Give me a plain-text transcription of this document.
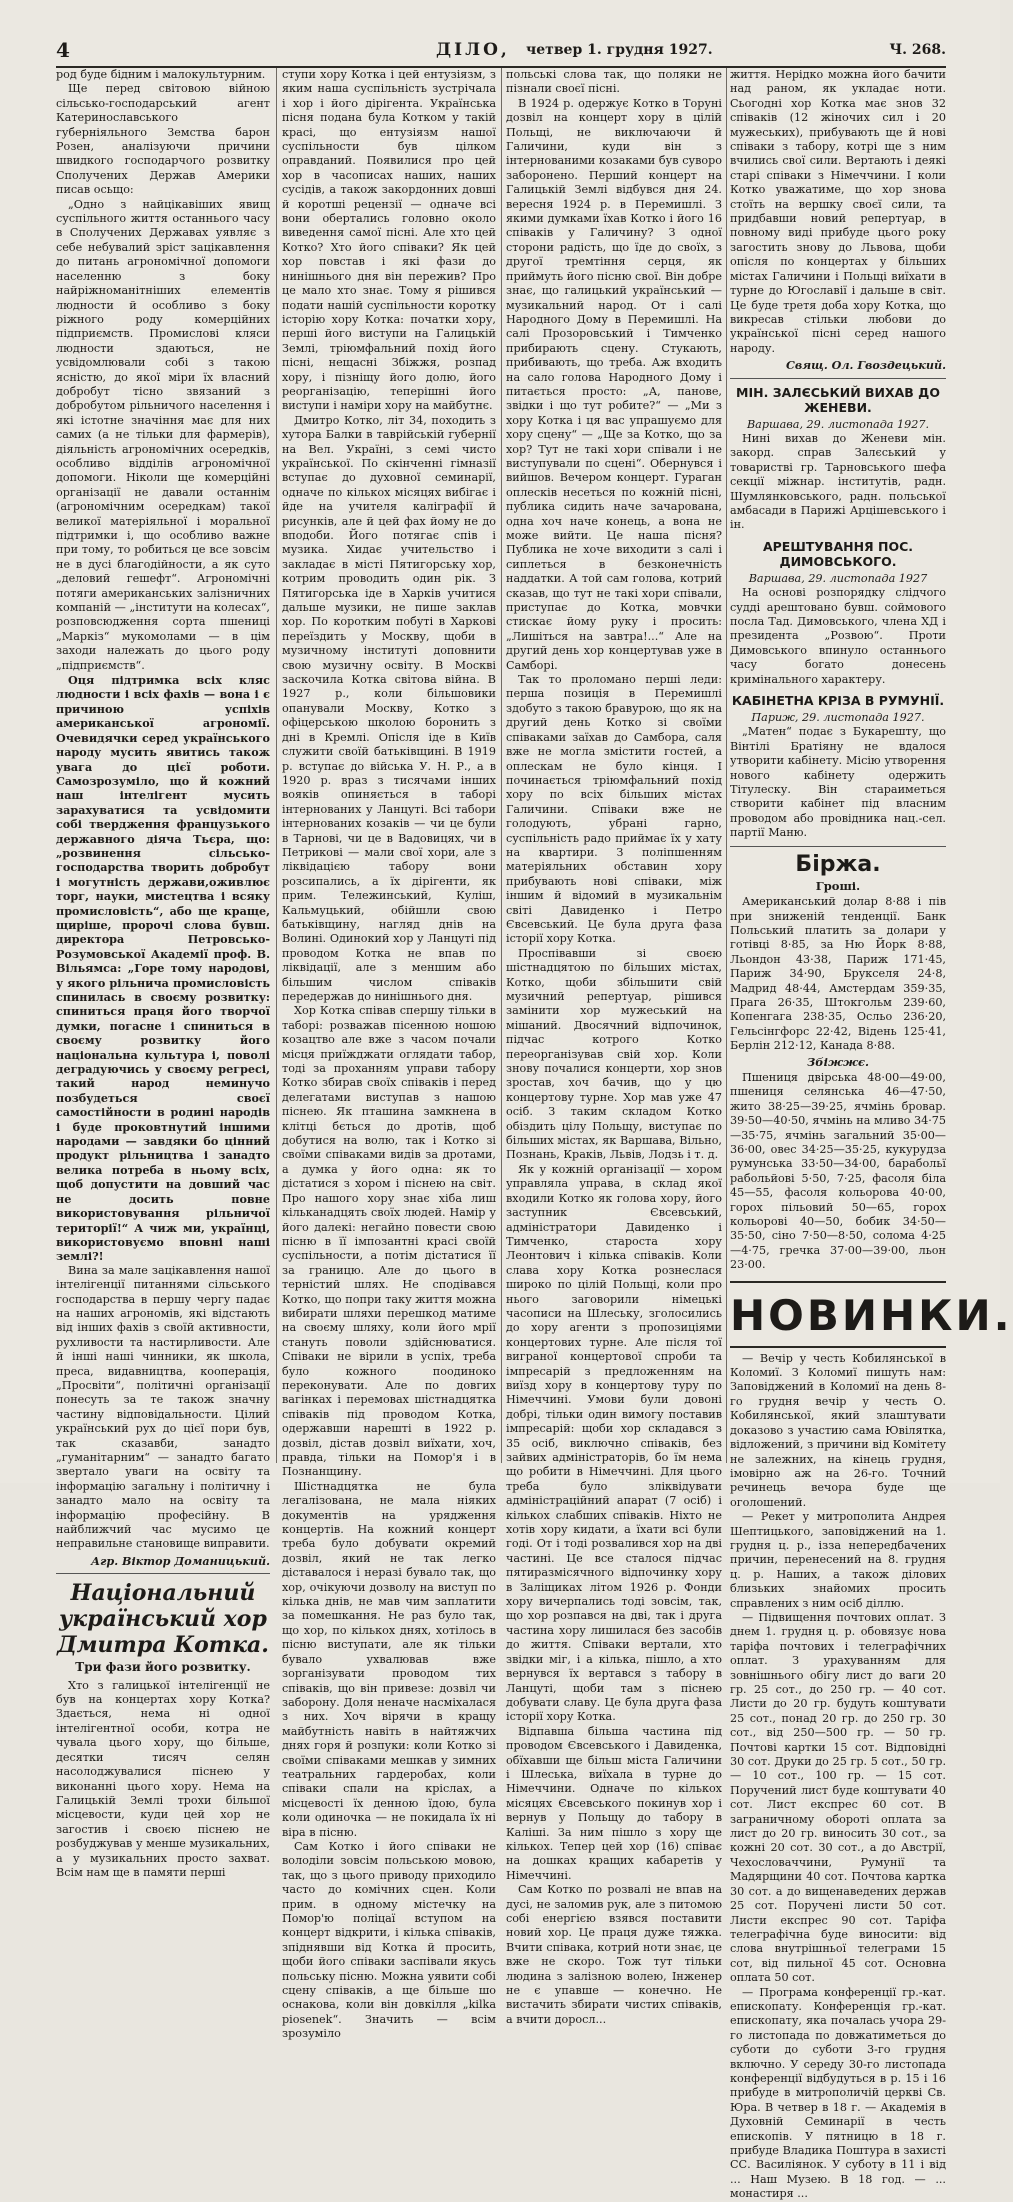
4	ДІЛО, четвер 1. грудня 1927.	Ч. 268.

род буде бідним і малокультурним.

Ще перед світовою війною сільсько-господарський агент Катеринославського губерніяльного Земства барон Розен, аналізуючи причини швидкого господарчого розвитку Сполучених Держав Америки писав осьщо:

„Одно з найцікавіших явищ суспільного життя останнього часу в Сполучених Державах уявляє з себе небувалий зріст зацікавлення до питань агрономічної допомоги населенню з боку найріжноманітніших елементів людности й особливо з боку ріжного роду комерційних підприємств. Промислові кляси людности здаються, не усвідомлювали собі з такою ясністю, до якої міри їх власний добробут тісно звязаний з добробутом рільничого населення і які істотне значіння має для них самих (а не тільки для фармерів), діяльність агрономічних осередків, особливо відділів агрономічної допомоги. Ніколи ще комерційні організації не давали останнім (агрономічним осередкам) такої великої матеріяльної і моральної підтримки і, що особливо важне при тому, то робиться це все зовсім не в дусі благодійности, а як суто „деловий гешефт“. Агрономічні потяги американських залізничних компаній — „інститути на колесах“, розповсюдження сорта пшениці „Маркіз“ мукомолами — в цім заходи належать до цього роду „підприємств“.

Оця підтримка всіх кляс людности і всіх фахів — вона і є причиною успіхів американської агрономії. Очевидячки серед українського народу мусить явитись також увага до цієї роботи. Самозрозуміло, що й кожний наш інтелігент мусить зарахуватися та усвідомити собі твердження французького державного діяча Тьєра, що: „розвинення сільсько-господарства творить добробут і могутність держави,оживлює торг, науки, мистецтва і всяку промисловість“, або ще краще, щиріше, пророчі слова бувш. директора Петровсько-Розумовської Академії проф. В. Вільямса: „Горе тому народові, у якого рільнича промисловість спинилась в своєму розвитку: спиниться праця його творчої думки, погасне і спиниться в своєму розвитку його національна культура і, поволі деградуючись у своєму регресі, такий народ неминучо позбудеться своєї самостійности в родині народів і буде проковтнутий іншими народами — завдяки бо цінний продукт рільництва і занадто велика потреба в ньому всіх, щоб допустити на довший час не досить повне використовування рільничої території!“ А чиж ми, українці, використовуємо вповні наші землі?!

Вина за мале зацікавлення нашої інтелігенції питаннями сільського господарства в першу чергу падає на наших агрономів, які відстають від інших фахів з своїй активности, рухливости та настирливости. Але й інші наші чинники, як школа, преса, видавництва, кооперація, „Просвіти“, політичні організації понесуть за те також значну частину відповідальности. Цілий український рух до цієї пори був, так сказавби, занадто „гуманітарним“ — занадто багато звертало уваги на освіту та інформацію загальну і політичну і занадто мало на освіту та інформацію професійну. В найближчий час мусимо це неправильне становище виправити.

Агр. Віктор Доманицький.

Національний український хор Дмитра Котка.

Три фази його розвитку.

Хто з галицької інтелігенції не був на концертах хору Котка? Здається, нема ні одної інтелігентної особи, котра не чувала цього хору, що більше, десятки тисяч селян насолоджувалися піснею у виконанні цього хору. Нема на Галицькій Землі трохи більшої місцевости, куди цей хор не загостив і своєю піснею не розбуджував у менше музикальних, а у музикальних просто захват. Всім нам ще в памяти перші

ступи хору Котка і цей ентузіязм, з яким наша суспільність зустрічала і хор і його дірігента. Українська пісня подана була Котком у такій красі, що ентузіязм нашої суспільности був цілком оправданий. Появилися про цей хор в часописах наших, наших сусідів, а також закордонних довші й коротші рецензії — одначе всі вони обертались головно около виведення самої пісні. Але хто цей Котко? Хто його співаки? Як цей хор повстав і які фази до нинішнього дня він пережив? Про це мало хто знає. Тому я рішився подати нашій суспільности коротку історію хору Котка: початки хору, перші його виступи на Галицькій Землі, тріюмфальний похід його пісні, нещасні Збіжжя, розпад хору, і пізніщу його долю, його реорганізацію, теперішні його виступи і наміри хору на майбутнє.

Дмитро Котко, літ 34, походить з хутора Балки в таврійській губернії на Вел. Україні, з семі чисто української. По скінченні гімназії вступає до духовної семинарії, одначе по кількох місяцях вибігає і йде на учителя каліграфії й рисунків, але й цей фах йому не до вподоби. Його потягає спів і музика. Хидає учительство і закладає в місті Пятигорську хор, котрим проводить один рік. З Пятигорська іде в Харків учитися дальше музики, не пише заклав хор. По коротким побуті в Харкові переїздить у Москву, щоби в музичному інституті доповнити свою музичну освіту. В Москві заскочила Котка світова війна. В 1927 р., коли більшовики опанували Москву, Котко з офіцерською школою боронить з дні в Кремлі. Опісля іде в Київ служити своїй батьківщині. В 1919 р. вступає до війська У. Н. Р., а в 1920 р. враз з тисячами інших вояків опиняється в таборі інтернованих у Ланцуті. Всі табори інтернованих козаків — чи це були в Тарнові, чи це в Вадовицях, чи в Петрикові — мали свої хори, але з ліквідацією табору вони розсипались, а їх дірігенти, як прим. Тележинський, Куліш, Кальмуцький, обійшли свою батьківщину, нагляд днів на Волині. Одинокий хор у Ланцуті під проводом Котка не впав по ліквідації, але з меншим або більшим числом співаків передержав до нинішнього дня.

Хор Котка співав спершу тільки в таборі: розважав пісенною ношою козацтво але вже з часом почали місця приїжджати оглядати табор, тоді за проханням управи табору Котко збирав своїх співаків і перед делегатами виступав з нашою піснею. Як пташина замкнена в клітці бється до дротів, щоб добутися на волю, так і Котко зі своїми співаками видів за дротами, а думка у його одна: як то дістатися з хором і піснею на світ. Про нашого хору знає хіба лиш кільканадцять своїх людей. Намір у його далекі: негайно повести свою пісню в її імпозантні красі своїй суспільности, а потім дістатися її за границю. Але до цього в терністий шлях. Не сподівався Котко, що попри таку життя можна вибирати шляхи перешкод матиме на своєму шляху, коли його мрії стануть поволи здійснюватися. Співаки не вірили в успіх, треба було кожного поодиноко переконувати. Але по довгих вагінках і перемовах шістнадцятка співаків під проводом Котка, одержавши нарешті в 1922 р. дозвіл, дістав дозвіл виїхати, хоч, правда, тільки на Помор'я і в Познанщину.

Шістнадцятка не була легалізована, не мала ніяких документів на урядження концертів. На кожний концерт треба було добувати окремий дозвіл, який не так легко діставалося і неразі бувало так, що хор, очікуючи дозволу на виступ по кілька днів, не мав чим заплатити за помешкання. Не раз було так, що хор, по кількох днях, хотілось в пісню виступати, але як тільки бувало ухвалював вже зорганізувати проводом тих співаків, що він привезе: дозвіл чи заборону. Доля неначе насміхалася з них. Хоч вірячи в кращу майбутність навіть в найтяжчих днях горя й розпуки: коли Котко зі своїми співаками мешкав у зимних театральних гардеробах, коли співаки спали на кріслах, а місцевості їх денною їдою, була коли одиночка — не покидала їх ні віра в пісню.

Сам Котко і його співаки не володіли зовсім польською мовою, так, що з цього приводу приходило часто до комічних сцен. Коли прим. в одному містечку на Помор'ю поліцаї вступом на концерт відкрити, і кілька співаків, зпіднявши від Котка й просить, щоби його співаки заспівали якусь польську пісню. Можна уявити собі сцену співаків, а ще більше шо оснакова, коли він довкілля „kilka piosenek“. Значить — всім зрозуміло

польські слова так, що поляки не пізнали своєї пісні.

В 1924 р. одержує Котко в Торуні дозвіл на концерт хору в цілій Польщі, не виключаючи й Галичини, куди він з інтернованими козаками був суворо заборонено. Перший концерт на Галицькій Землі відбувся дня 24. вересня 1924 р. в Перемишлі. З якими думками їхав Котко і його 16 співаків у Галичину? З одної сторони радість, що їде до своїх, з другої тремтіння серця, як приймуть його пісню свої. Він добре знає, що галицький український — музикальний народ. От і салі Народного Дому в Перемишлі. На салі Прозоровський і Тимченко прибирають сцену. Стукають, прибивають, що треба. Аж входить на сало голова Народного Дому і питається просто: „А, панове, звідки і що тут робите?“ — „Ми з хору Котка і ця вас упрашуємо для хору сцену“ — „Ще за Котко, що за хор? Тут не такі хори співали і не виступували по сцені“. Обернувся і вийшов. Вечером концерт. Гураган оплесків несеться по кожній пісні, публика сидить наче зачарована, одна хоч наче конець, а вона не може вийти. Це наша пісня? Публика не хоче виходити з салі і сиплеться в безконечність наддатки. А той сам голова, котрий сказав, що тут не такі хори співали, приступає до Котка, мовчки стискає йому руку і просить: „Лишіться на завтра!...“ Але на другий день хор концертував уже в Самборі.

Так то проломано перші леди: перша позиція в Перемишлі здобуто з такою бравурою, що як на другий день Котко зі своїми співаками заїхав до Самбора, саля вже не могла змістити гостей, а оплескам не було кінця. І починається тріюмфальний похід хору по всіх більших містах Галичини. Співаки вже не голодують, убрані гарно, суспільність радо приймає їх у хату на квартири. З поліпшенням матеріяльних обставин хору прибувають нові співаки, між іншим й відомий в музикальнім світі Давиденко і Петро Євсевський. Це була друга фаза історії хору Котка.

Проспівавши зі своєю шістнадцятою по більших містах, Котко, щоби збільшити свій музичний репертуар, рішився замінити хор мужеський на мішаний. Двосячний відпочинок, підчас котрого Котко переорганізував свій хор. Коли знову почалися концерти, хор знов зростав, хоч бачив, що у цю концертову турне. Хор мав уже 47 осіб. З таким складом Котко обіздить цілу Польщу, виступає по більших містах, як Варшава, Вільно, Познань, Краків, Львів, Лодзь і т. д.

Як у кожній організації — хором управляла управа, в склад якої входили Котко як голова хору, його заступник Євсевський, адміністратори Давиденко і Тимченко, староста хору Леонтович і кілька співаків. Коли слава хору Котка рознеслася широко по цілій Польщі, коли про нього заговорили німецькі часописи на Шлеську, зголосились до хору агенти з пропозиціями концертових турне. Але після тої виграної концертової спроби та імпресарій з предложенням на виїзд хору в концертову туру по Німеччині. Умови були довоні добрі, тільки один вимогу поставив імпресарій: щоби хор складався з 35 осіб, виключно співаків, без зайвих адміністраторів, бо їм нема що робити в Німеччині. Для цього треба було зліквідувати адміністраційний апарат (7 осіб) і кількох слабших співаків. Ніхто не хотів хору кидати, а їхати всі були годі. От і тоді розвалився хор на дві частині. Це все сталося підчас пятиразмісячного відпочинку хору в Заліщиках літом 1926 р. Фонди хору вичерпались тоді зовсім, так, що хор розпався на дві, так і друга частина хору лишилася без засобів до життя. Співаки вертали, хто звідки міг, і а кілька, пішло, а хто вернувся їх вертався з табору в Ланцуті, щоби там з піснею добувати славу. Це була друга фаза історії хору Котка.

Відпавша більша частина під проводом Євсевського і Давиденка, обїхавши ще більш міста Галичини і Шлеська, виїхала в турне до Німеччини. Одначе по кількох місяцях Євсевського покинув хор і вернув у Польщу до табору в Каліші. За ним пішло з хору ще кількох. Тепер цей хор (16) співає на дошках кращих кабаретів у Німеччині.

Сам Котко по розвалі не впав на дусі, не заломив рук, але з питомою собі енергією взявся поставити новий хор. Це праця дуже тяжка. Вчити співака, котрий ноти знає, це вже не скоро. Тож тут тільки людина з залізною волею, Інженер не є упавше — конечно. Не вистачить збирати чистих співаків, а вчити доросл...

життя. Нерідко можна його бачити над раном, як укладає ноти. Сьогодні хор Котка має знов 32 співаків (12 жіночих сил і 20 мужеських), прибувають ще й нові співаки з табору, котрі ще з ним вчились свої сили. Вертають і деякі старі співаки з Німеччини. І коли Котко уважатиме, що хор знова стоїть на вершку своєї сили, та придбавши новий репертуар, в повному виді прибуде цього року загостить знову до Львова, щоби опісля по концертах у більших містах Галичини і Польщі виїхати в турне до Югославії і дальше в світ. Це буде третя доба хору Котка, що викресав стільки любови до української пісні серед нашого народу.

Свящ. Ол. Гвоздецький.

МІН. ЗАЛЄСЬКИЙ ВИХАВ ДО ЖЕНЕВИ.

Варшава, 29. листопада 1927.

Нині вихав до Женеви мін. закорд. справ Залєський у товаристві гр. Тарновського шефа секції міжнар. інститутів, радн. Шумлянковського, радн. польської амбасади в Парижі Арцішевського і ін.

АРЕШТУВАННЯ ПОС. ДИМОВСЬКОГО.

Варшава, 29. листопада 1927

На основі розпорядку слідчого судді арештовано бувш. соймового посла Тад. Димовського, члена ХД і президента „Розвою“. Проти Димовського впинуло останнього часу богато донесень кримінального характеру.

КАБІНЕТНА КРІЗА В РУМУНІЇ.

Париж, 29. листопада 1927.

„Матен“ подає з Букарешту, що Вінтілі Братіяну не вдалося утворити кабінету. Місію утворення нового кабінету одержить Тітулеску. Він стараиметься створити кабінет під власним проводом або провідника нац.-сел. партії Маню.

Біржа.

Гроші.

Американський долар 8·88 і пів при зниженій тенденції. Банк Польський платить за долари у готівці 8·85, за Ню Йорк 8·88, Льондон 43·38, Париж 171·45, Париж 34·90, Брукселя 24·8, Мадрид 48·44, Амстердам 359·35, Прага 26·35, Штокгольм 239·60, Копенгага 238·35, Осльо 236·20, Гельсінгфорс 22·42, Відень 125·41, Берлін 212·12, Канада 8·88.

Збіжжє.

Пшениця двірська 48·00—49·00, пшениця селянська 46—47·50, жито 38·25—39·25, ячмінь бровар. 39·50—40·50, ячмінь на мливо 34·75—35·75, ячмінь загальний 35·00—36·00, овес 34·25—35·25, кукурудза румунська 33·50—34·00, барабольї рабольйові 5·50, 7·25, фасоля біла 45—55, фасоля кольорова 40·00, горох пільовий 50—65, горох кольорові 40—50, бобик 34·50—35·50, сіно 7·50—8·50, солома 4·25—4·75, гречка 37·00—39·00, льон 23·00.

НОВИНКИ.

— Вечір у честь Кобилянської в Коломиї. З Коломиї пишуть нам: Заповіджений в Коломиї на день 8-го грудня вечір у честь О. Кобилянської, який злаштувати доказово з участию сама Ювілятка, відложений, з причини від Комітету не залежних, на кінець грудня, імовірно аж на 26-го. Точний речинець вечора буде ще оголошений.

— Рекет у митрополита Андрея Шептицького, заповіджений на 1. грудня ц. р., ізза непередбачених причин, перенесений на 8. грудня ц. р. Наших, а також ділових близьких знайомих просить справлених з ним осіб діллю.

— Підвищення почтових оплат. З днем 1. грудня ц. р. обовязує нова таріфа почтових і телеграфічних оплат. З урахуванням для зовнішнього обігу лист до ваги 20 гр. 25 сот., до 250 гр. — 40 сот. Листи до 20 гр. будуть коштувати 25 сот., понад 20 гр. до 250 гр. 30 сот., від 250—500 гр. — 50 гр. Почтові картки 15 сот. Відповідні 30 сот. Друки до 25 гр. 5 сот., 50 гр. — 10 сот., 100 гр. — 15 сот. Поручений лист буде коштувати 40 сот. Лист експрес 60 сот. В заграничному обороті оплата за лист до 20 гр. виносить 30 сот., за кожні 20 сот. 30 сот., а до Австрії, Чехословаччини, Румунії та Мадярщини 40 сот. Почтова картка 30 сот. а до вищенаведених держав 25 сот. Поручені листи 50 сот. Листи експрес 90 сот. Таріфа телеграфічна буде виносити: від слова внутрішньої телеграми 15 сот, від пильної 45 сот. Основна оплата 50 сот.

— Програма конференції гр.-кат. епископату. Конференція гр.-кат. епископату, яка почалась учора 29-го листопада по довжатиметься до суботи до суботи 3-го грудня включно. У середу 30-го листопада конференції відбудуться в р. 15 і 16 прибуде в митрополичій церкві Св. Юра. В четвер в 18 г. — Академія в Духовній Семинарії в честь епископів. У пятницю в 18 г. прибуде Владика Поштура в захисті СС. Василіянок. У суботу в 11 і від ... Наш Музею. В 18 год. — ... монастиря ...
